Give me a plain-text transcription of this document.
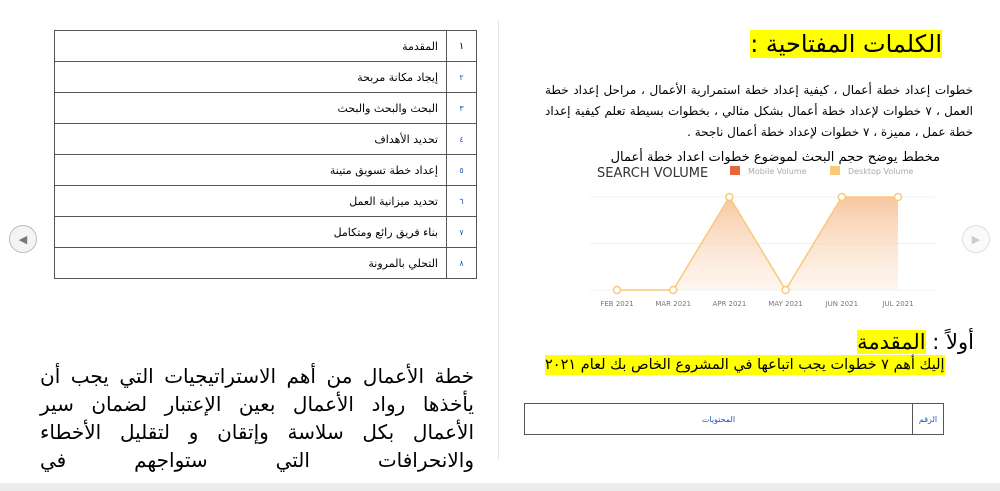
◀	▶
١	المقدمة
٢	إيجاد مكانة مربحة
٣	البحث والبحث والبحث
٤	تحديد الأهداف
٥	إعداد خطة تسويق متينة
٦	تحديد ميزانية العمل
٧	بناء فريق رائع ومتكامل
٨	التحلي بالمرونة
أولاً : المقدمة
خطة الأعمال من أهم الاستراتيجيات التي يجب أن يأخذها رواد الأعمال بعين الإعتبار لضمان سير الأعمال بكل سلاسة وإتقان و لتقليل الأخطاء والانحرافات التي ستواجهم في
الكلمات المفتاحية :
خطوات إعداد خطة أعمال ، كيفية إعداد خطة استمرارية الأعمال ، مراحل إعداد خطة العمل ، ٧ خطوات لإعداد خطة أعمال بشكل مثالي ، بخطوات بسيطة تعلم كيفية إعداد خطة عمل ، مميزة ، ٧ خطوات لإعداد خطة أعمال ناجحة .
مخطط يوضح حجم البحث لموضوع خطوات اعداد خطة أعمال
SEARCH VOLUME	Mobile Volume	Desktop Volume
FEB 2021	MAR 2021	APR 2021	MAY 2021	JUN 2021	JUL 2021
إليك أهم ٧ خطوات يجب اتباعها في المشروع الخاص بك لعام ٢٠٢١
الرقم	المحتويات
